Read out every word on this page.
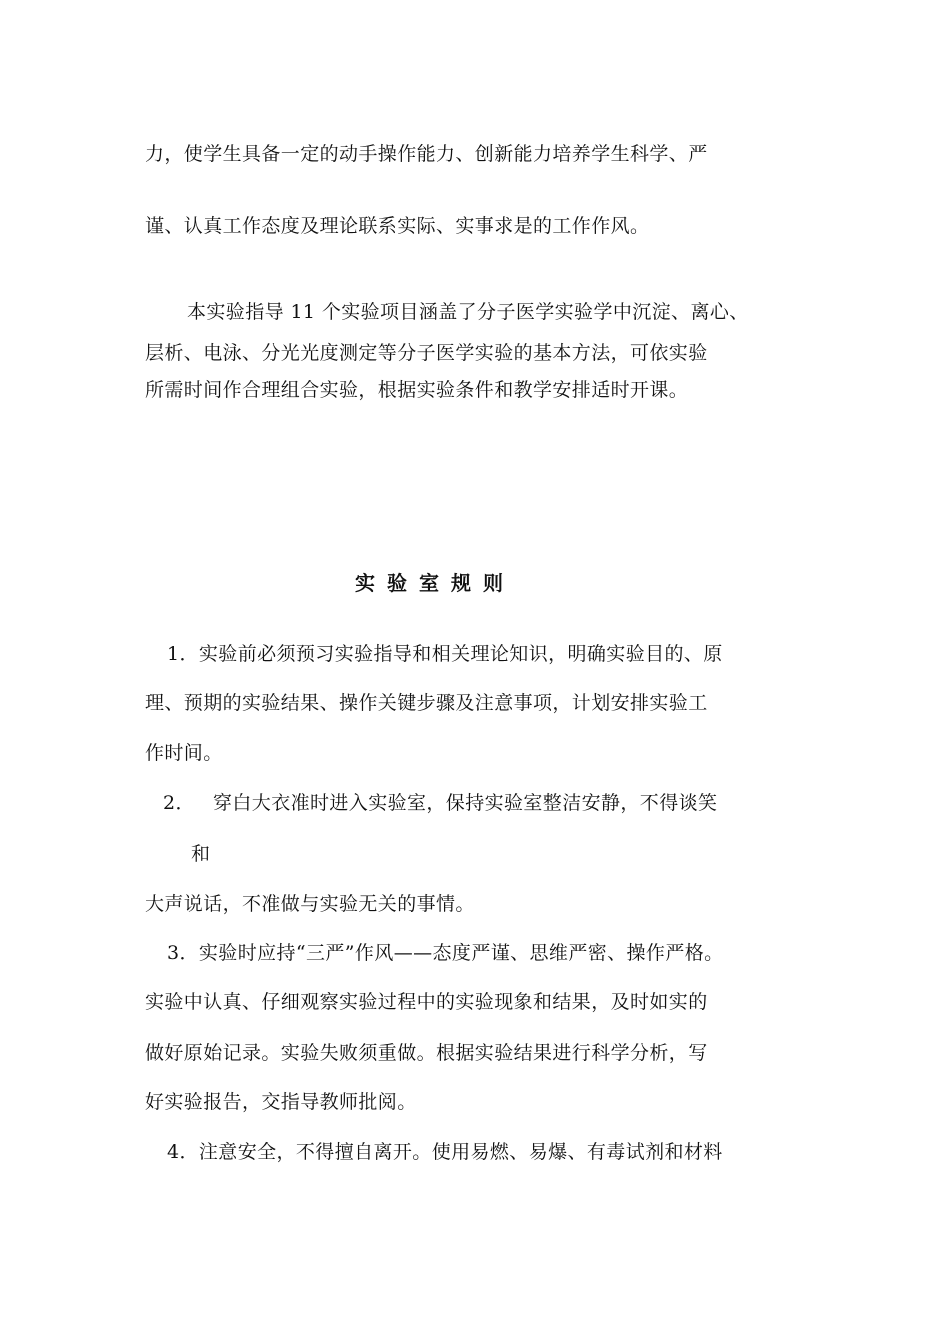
力，使学生具备一定的动手操作能力、创新能力培养学生科学、严
谨、认真工作态度及理论联系实际、实事求是的工作作风。
本实验指导 11 个实验项目涵盖了分子医学实验学中沉淀、离心、
层析、电泳、分光光度测定等分子医学实验的基本方法，可依实验
所需时间作合理组合实验，根据实验条件和教学安排适时开课。
实验室规则
1．实验前必须预习实验指导和相关理论知识，明确实验目的、原
理、预期的实验结果、操作关键步骤及注意事项，计划安排实验工
作时间。
2． 穿白大衣准时进入实验室，保持实验室整洁安静，不得谈笑
和
大声说话，不准做与实验无关的事情。
3．实验时应持“三严”作风——态度严谨、思维严密、操作严格。
实验中认真、仔细观察实验过程中的实验现象和结果，及时如实的
做好原始记录。实验失败须重做。根据实验结果进行科学分析，写
好实验报告，交指导教师批阅。
4．注意安全，不得擅自离开。使用易燃、易爆、有毒试剂和材料
